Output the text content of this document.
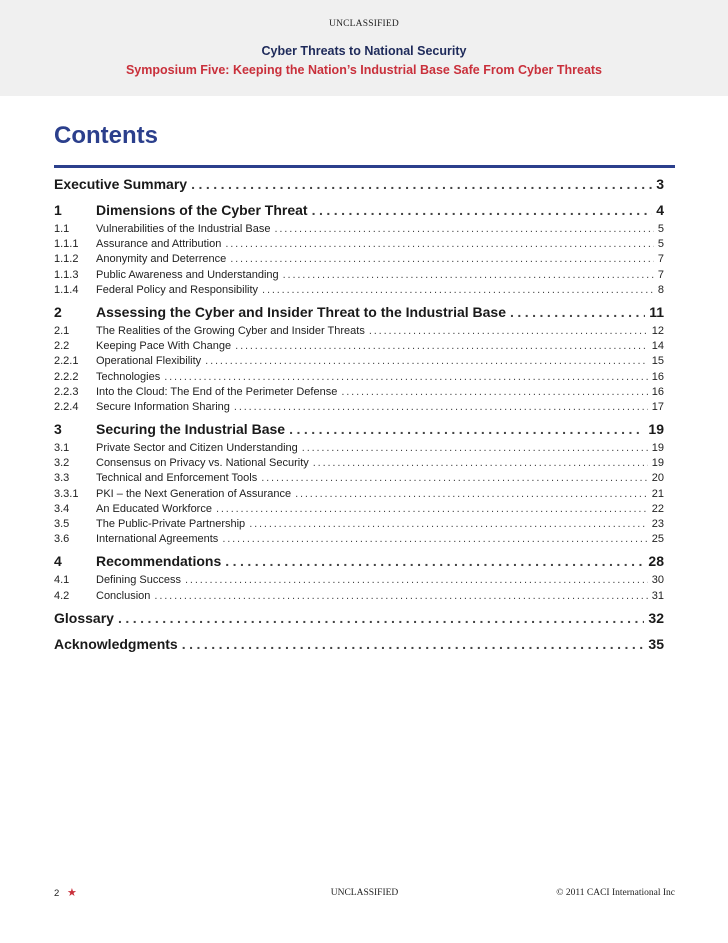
UNCLASSIFIED
Cyber Threats to National Security
Symposium Five: Keeping the Nation’s Industrial Base Safe From Cyber Threats
Contents
Executive Summary . . .	3
1	Dimensions of the Cyber Threat . . .	4
1.1	Vulnerabilities of the Industrial Base . . .	5
1.1.1	Assurance and Attribution . . .	5
1.1.2	Anonymity and Deterrence . . .	7
1.1.3	Public Awareness and Understanding . . .	7
1.1.4	Federal Policy and Responsibility . . .	8
2	Assessing the Cyber and Insider Threat to the Industrial Base . . .	11
2.1	The Realities of the Growing Cyber and Insider Threats . . .	12
2.2	Keeping Pace With Change . . .	14
2.2.1	Operational Flexibility . . .	15
2.2.2	Technologies . . .	16
2.2.3	Into the Cloud: The End of the Perimeter Defense . . .	16
2.2.4	Secure Information Sharing . . .	17
3	Securing the Industrial Base . . .	19
3.1	Private Sector and Citizen Understanding . . .	19
3.2	Consensus on Privacy vs. National Security . . .	19
3.3	Technical and Enforcement Tools . . .	20
3.3.1	PKI – the Next Generation of Assurance . . .	21
3.4	An Educated Workforce . . .	22
3.5	The Public-Private Partnership . . .	23
3.6	International Agreements . . .	25
4	Recommendations . . .	28
4.1	Defining Success . . .	30
4.2	Conclusion . . .	31
Glossary . . .	32
Acknowledgments . . .	35
2 ★	UNCLASSIFIED	© 2011 CACI International Inc
